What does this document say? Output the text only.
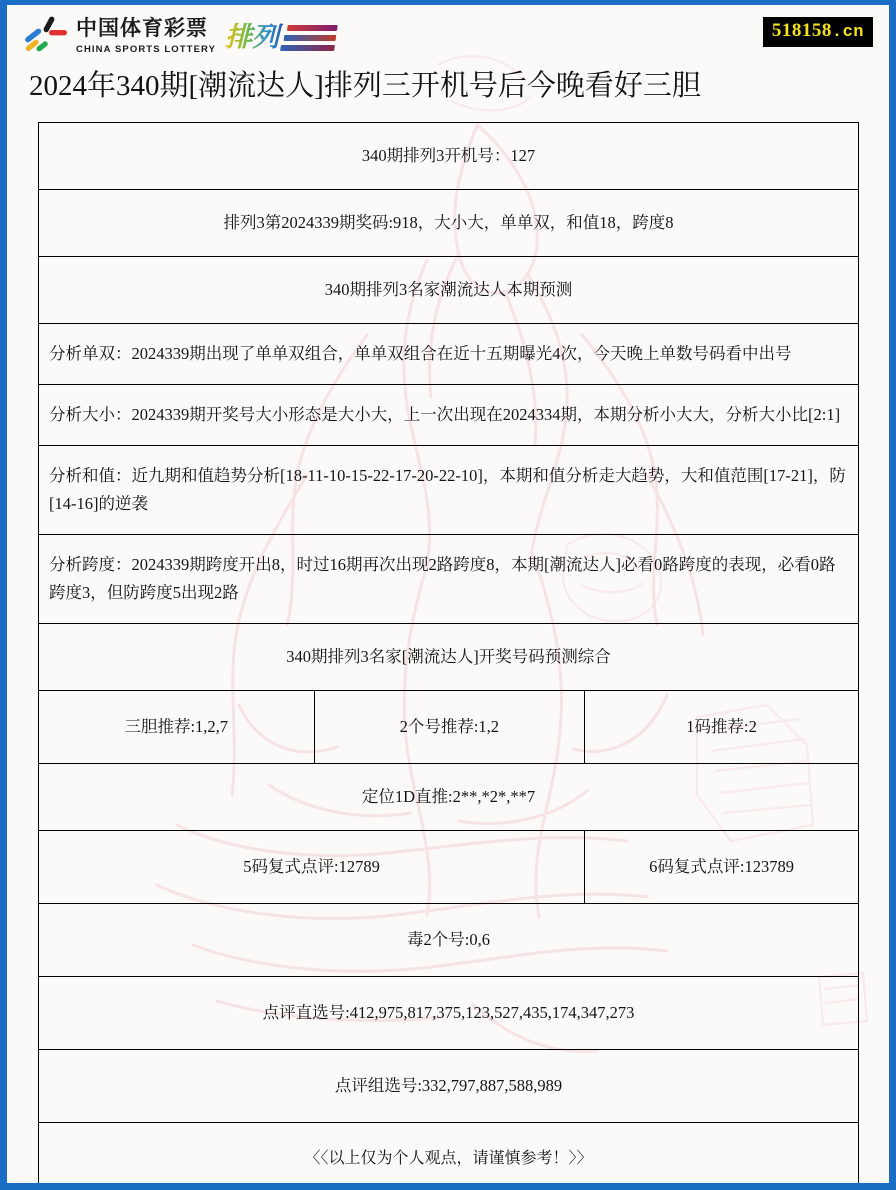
中国体育彩票
CHINA SPORTS LOTTERY 排列	518158.cn
2024年340期[潮流达人]排列三开机号后今晚看好三胆
340期排列3开机号：127		

排列3第2024339期奖码:918，大小大，单单双，和值18，跨度8		

340期排列3名家潮流达人本期预测		

分析单双：2024339期出现了单单双组合，单单双组合在近十五期曝光4次，今天晚上单数号码看中出号		

分析大小：2024339期开奖号大小形态是大小大，上一次出现在2024334期，本期分析小大大，分析大小比[2:1]		

分析和值：近九期和值趋势分析[18-11-10-15-22-17-20-22-10]，本期和值分析走大趋势，大和值范围[17-21]，防[14-16]的逆袭		

分析跨度：2024339期跨度开出8，时过16期再次出现2路跨度8，本期[潮流达人]必看0路跨度的表现，必看0路跨度3，但防跨度5出现2路		

340期排列3名家[潮流达人]开奖号码预测综合		

三胆推荐:1,2,7	2个号推荐:1,2	1码推荐:2

定位1D直推:2**,*2*,**7		

5码复式点评:12789		6码复式点评:123789

毒2个号:0,6		

点评直选号:412,975,817,375,123,527,435,174,347,273		

点评组选号:332,797,887,588,989		

〈〈以上仅为个人观点，请谨慎参考！〉〉		
